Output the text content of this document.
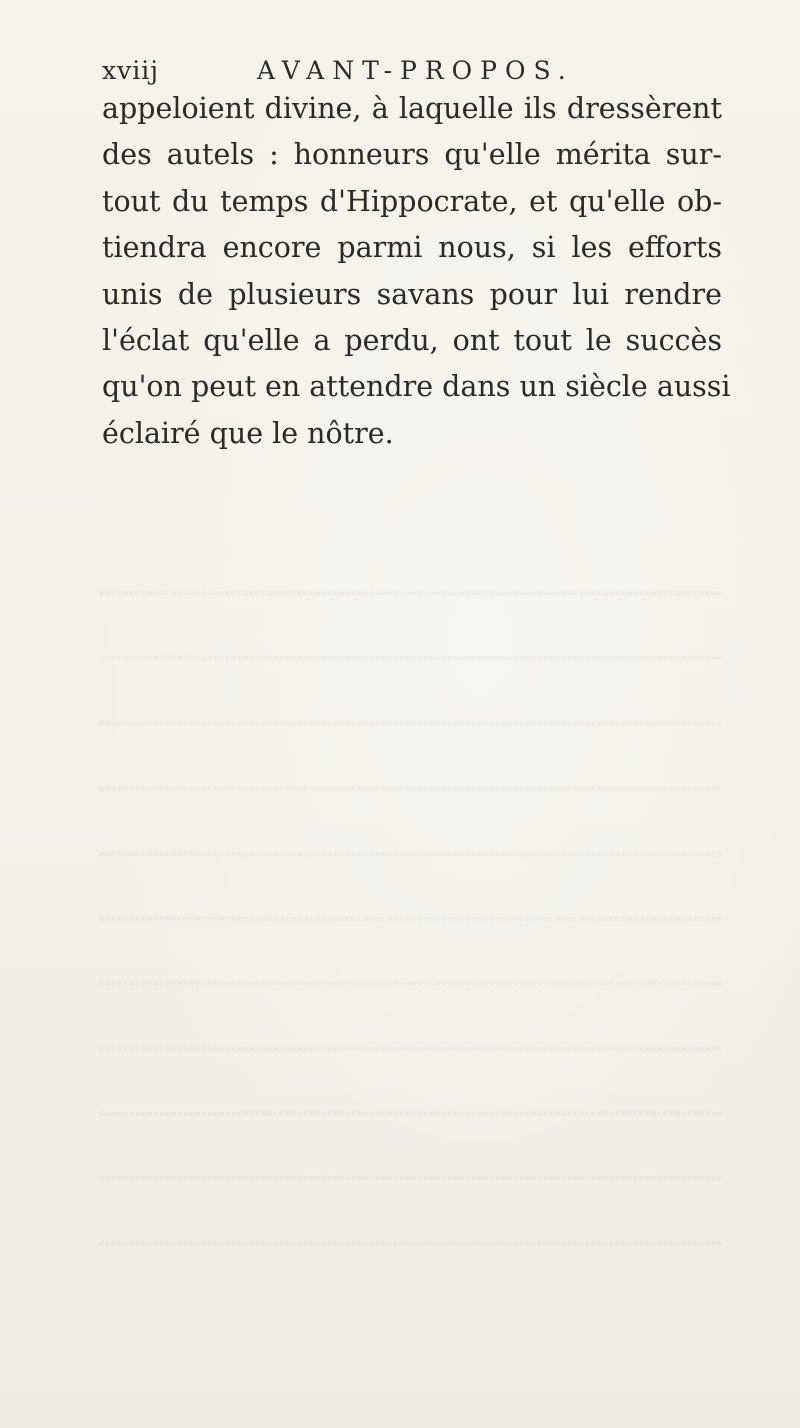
xviij	AVANT-PROPOS.
appeloient divine, à laquelle ils dressèrent
des autels : honneurs qu'elle mérita sur-
tout du temps d'Hippocrate, et qu'elle ob-
tiendra encore parmi nous, si les efforts
unis de plusieurs savans pour lui rendre
l'éclat qu'elle a perdu, ont tout le succès
qu'on peut en attendre dans un siècle aussi
éclairé que le nôtre.
